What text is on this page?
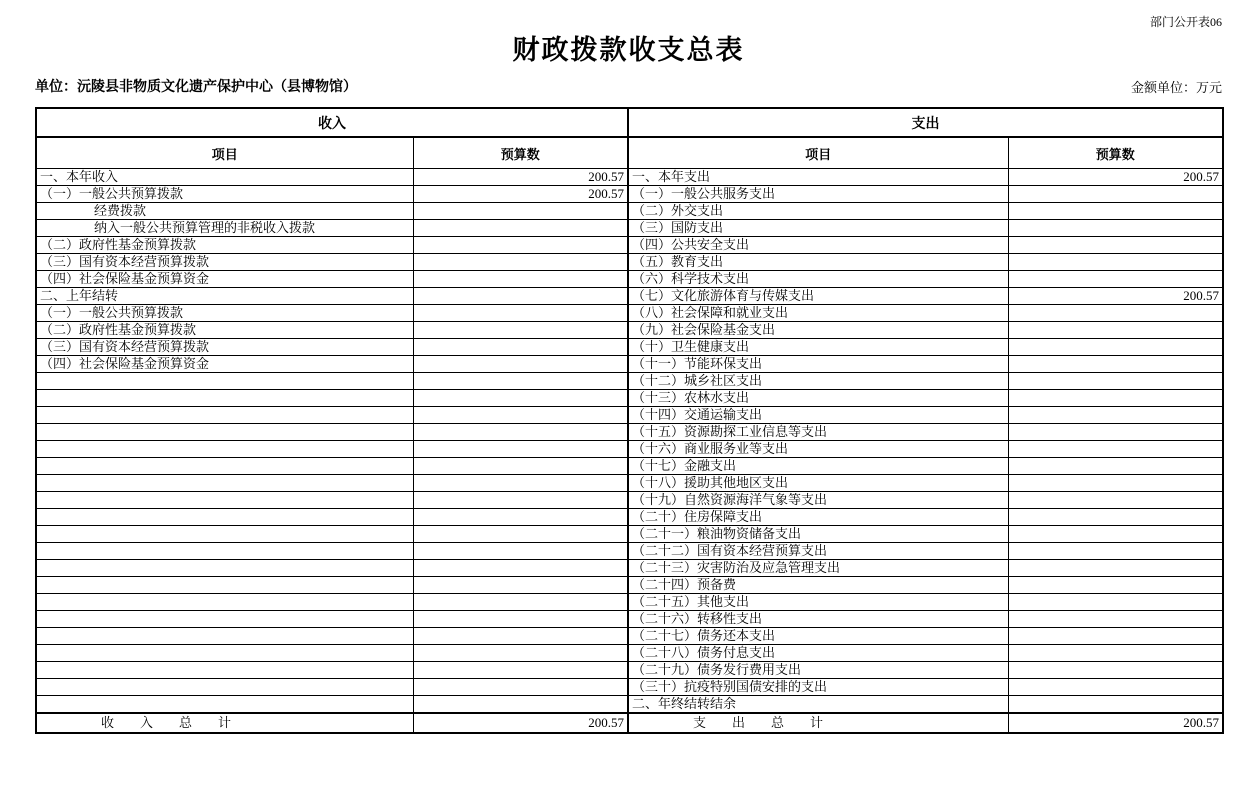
部门公开表06
财政拨款收支总表
单位：沅陵县非物质文化遗产保护中心（县博物馆）	金额单位：万元
收入		支出	
项目	预算数	项目	预算数
一、本年收入	200.57	一、本年支出	200.57
（一）一般公共预算拨款	200.57	（一）一般公共服务支出	
经费拨款		（二）外交支出	
纳入一般公共预算管理的非税收入拨款		（三）国防支出	
（二）政府性基金预算拨款		（四）公共安全支出	
（三）国有资本经营预算拨款		（五）教育支出	
（四）社会保险基金预算资金		（六）科学技术支出	
二、上年结转		（七）文化旅游体育与传媒支出	200.57
（一）一般公共预算拨款		（八）社会保障和就业支出	
（二）政府性基金预算拨款		（九）社会保险基金支出	
（三）国有资本经营预算拨款		（十）卫生健康支出	
（四）社会保险基金预算资金		（十一）节能环保支出	
		（十二）城乡社区支出	
		（十三）农林水支出	
		（十四）交通运输支出	
		（十五）资源勘探工业信息等支出	
		（十六）商业服务业等支出	
		（十七）金融支出	
		（十八）援助其他地区支出	
		（十九）自然资源海洋气象等支出	
		（二十）住房保障支出	
		（二十一）粮油物资储备支出	
		（二十二）国有资本经营预算支出	
		（二十三）灾害防治及应急管理支出	
		（二十四）预备费	
		（二十五）其他支出	
		（二十六）转移性支出	
		（二十七）债务还本支出	
		（二十八）债务付息支出	
		（二十九）债务发行费用支出	
		（三十）抗疫特别国债安排的支出	
		二、年终结转结余	
收　　入　　总　　计	200.57	支　　出　　总　　计	200.57
